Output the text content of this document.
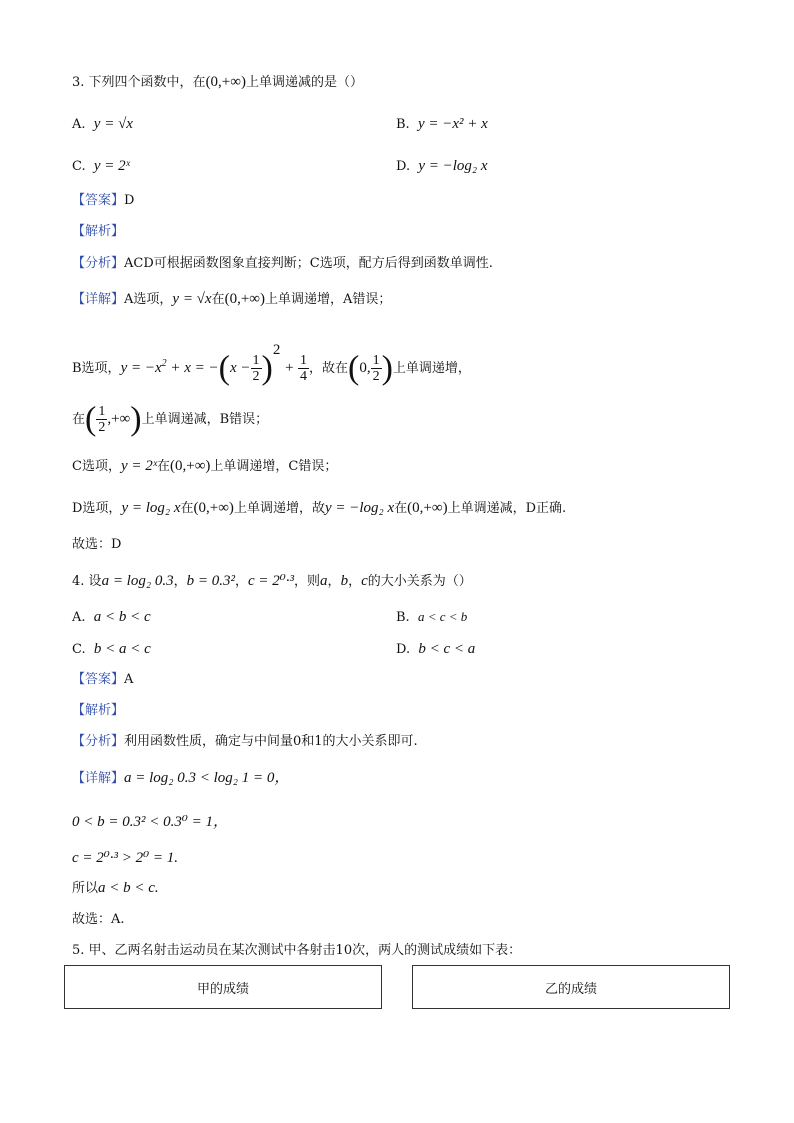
3. 下列四个函数中，在(0,+∞)上单调递减的是（）
A. y = √x	B. y = −x² + x
C. y = 2ˣ	D. y = −log₂ x
【答案】D
【解析】
【分析】ACD可根据函数图象直接判断；C选项，配方后得到函数单调性.
【详解】A选项，y = √x在(0,+∞)上单调递增，A错误；
B选项，$y = -x^2 + x = -(x - \frac{1}{2} )^2 + \frac{1}{4}$ ，故在(0, $\frac{1}{2}$ )上单调递增，
在( $\frac{1}{2}$ ,+∞)上单调递减，B错误；
C选项，y = 2ˣ在(0,+∞)上单调递增，C错误；
D选项，y = log₂ x在(0,+∞)上单调递增，故y = −log₂ x在(0,+∞)上单调递减，D正确.
故选：D
4. 设a = log₂ 0.3，b = 0.3²，c = 2⁰·³，则a，b，c的大小关系为（）
A. a < b < c	B. a < c < b
C. b < a < c	D. b < c < a
【答案】A
【解析】
【分析】利用函数性质，确定与中间量0和1的大小关系即可.
【详解】a = log₂ 0.3 < log₂ 1 = 0，
0 < b = 0.3² < 0.3⁰ = 1，
c = 2⁰·³ > 2⁰ = 1.
所以a < b < c.
故选：A.
5. 甲、乙两名射击运动员在某次测试中各射击10次，两人的测试成绩如下表：
甲的成绩	乙的成绩
